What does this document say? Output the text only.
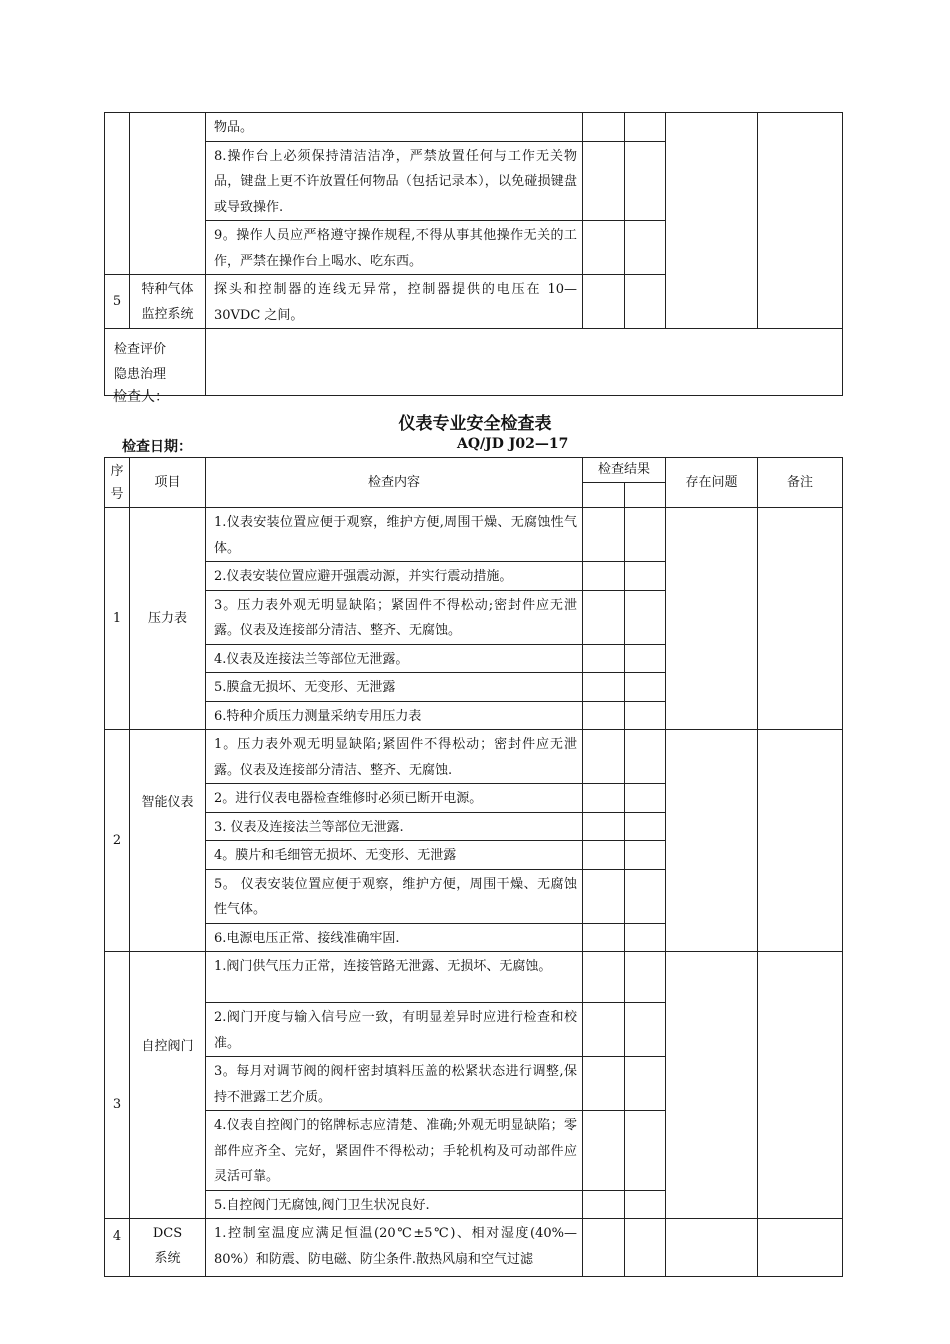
		物品。				
		8.操作台上必须保持清洁洁净，严禁放置任何与工作无关物品，键盘上更不许放置任何物品（包括记录本），以免碰损键盘或导致操作.				
		9。操作人员应严格遵守操作规程,不得从事其他操作无关的工作，严禁在操作台上喝水、吃东西。				
5	特种气体
监控系统	探头和控制器的连线无异常，控制器提供的电压在 10—30VDC 之间。				

检查评价
隐患治理						

检查人：
仪表专业安全检查表
检查日期：	AQ/JD J02—17
序
号	项目	检查内容	检查结果		存在问题	备注

1	压力表	1.仪表安装位置应便于观察，维护方便,周围干燥、无腐蚀性气体。				
		2.仪表安装位置应避开强震动源，并实行震动措施。				
		3。压力表外观无明显缺陷；紧固件不得松动;密封件应无泄露。仪表及连接部分清洁、整齐、无腐蚀。				
		4.仪表及连接法兰等部位无泄露。				
		5.膜盒无损坏、无变形、无泄露				
		6.特种介质压力测量采纳专用压力表				
2	智能仪表	1。压力表外观无明显缺陷;紧固件不得松动；密封件应无泄露。仪表及连接部分清洁、整齐、无腐蚀.				
		2。进行仪表电器检查维修时必须已断开电源。				
		3. 仪表及连接法兰等部位无泄露.				
		4。膜片和毛细管无损坏、无变形、无泄露				
		5。 仪表安装位置应便于观察，维护方便，周围干燥、无腐蚀性气体。				
		6.电源电压正常、接线准确牢固.				

3	自控阀门	1.阀门供气压力正常，连接管路无泄露、无损坏、无腐蚀。				
		2.阀门开度与输入信号应一致，有明显差异时应进行检查和校准。				
		3。每月对调节阀的阀杆密封填料压盖的松紧状态进行调整,保持不泄露工艺介质。				
		4.仪表自控阀门的铭牌标志应清楚、准确;外观无明显缺陷；零部件应齐全、完好，紧固件不得松动；手轮机构及可动部件应灵活可靠。				
		5.自控阀门无腐蚀,阀门卫生状况良好.				
4	DCS
系统	1.控制室温度应满足恒温(20℃±5℃)、相对湿度(40%—80%）和防震、防电磁、防尘条件.散热风扇和空气过滤				
